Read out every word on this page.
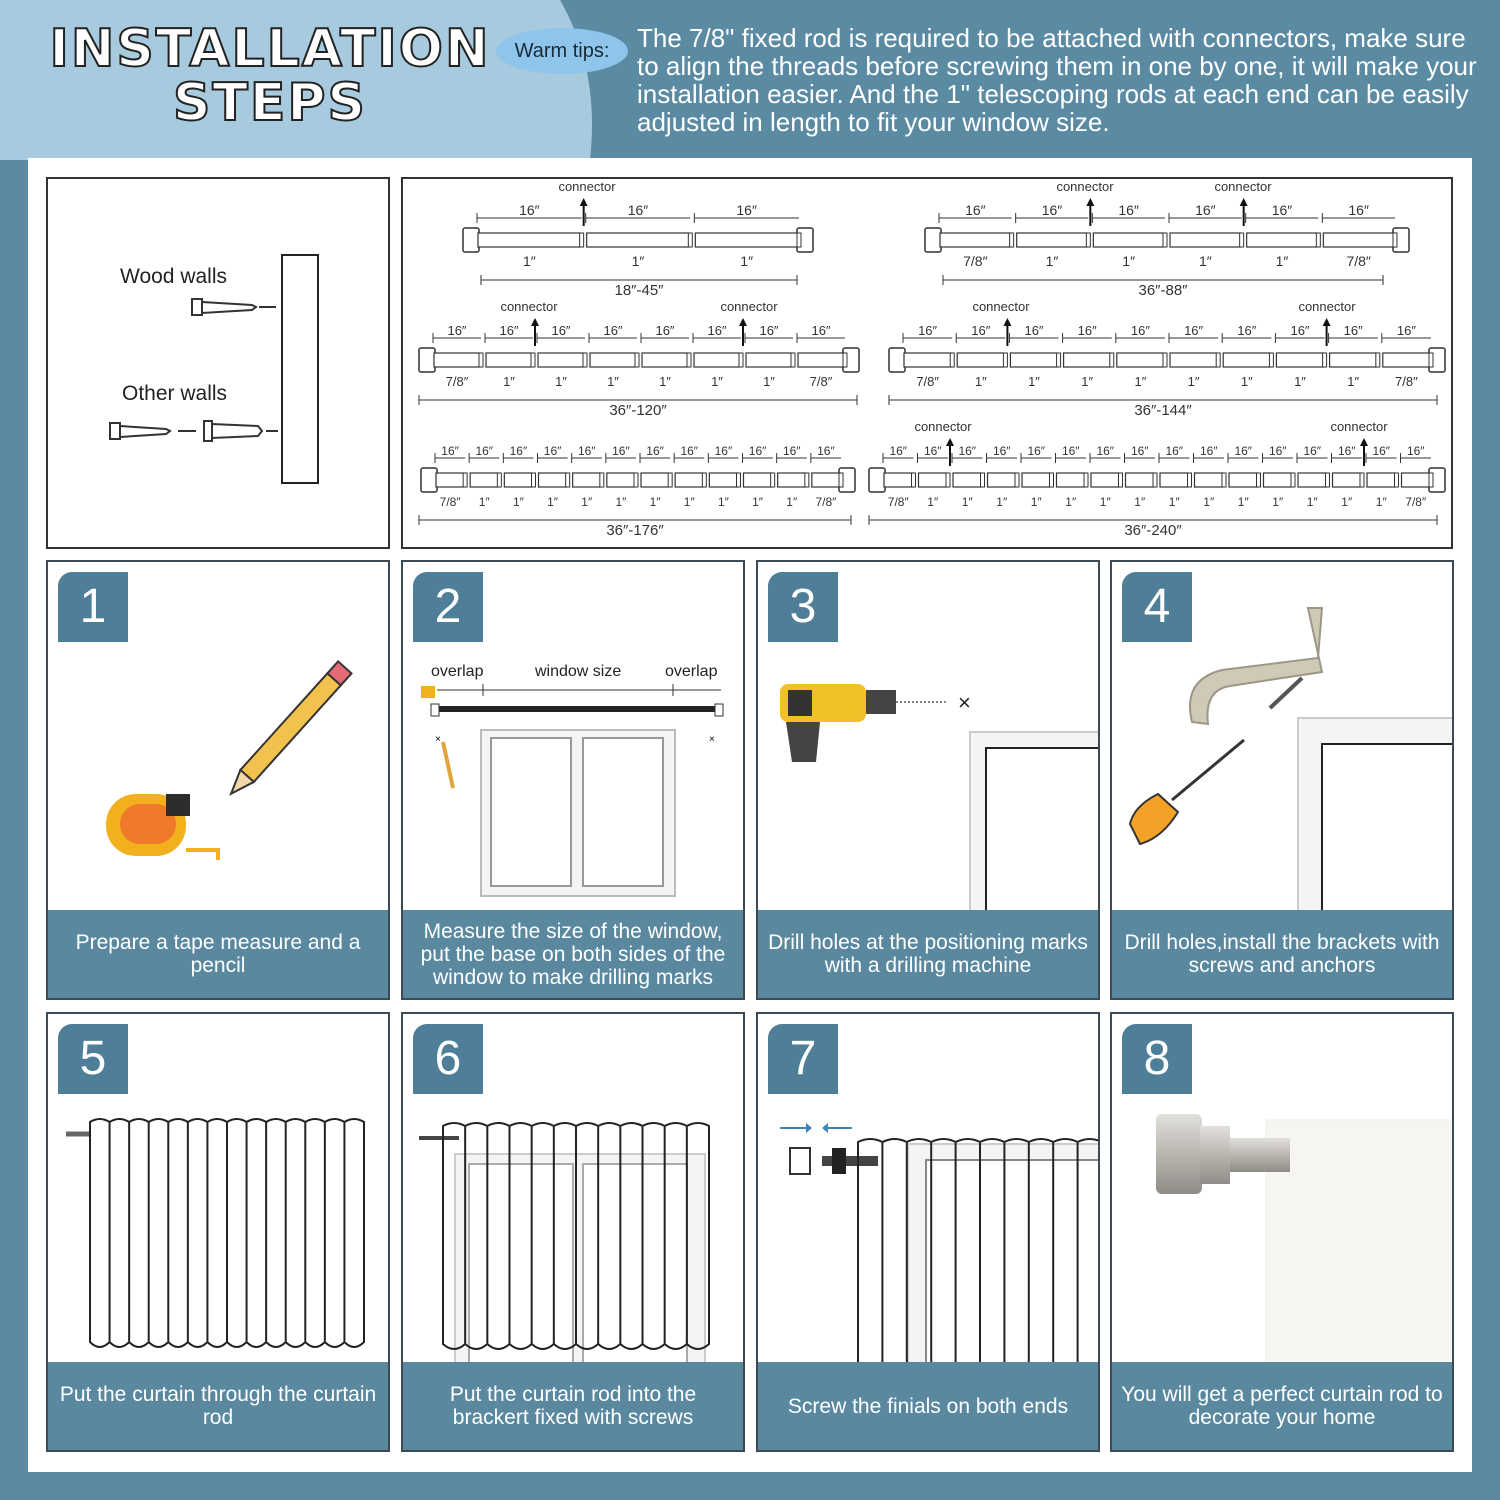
INSTALLATION
STEPS
Warm tips:	The 7/8" fixed rod is required to be attached with connectors, make sure to align the threads before screwing them in one by one, it will make your installation easier. And the 1" telescoping rods at each end can be easily adjusted in length to fit your window size.
Wood walls
Other walls
16″
1″
16″
1″
16″
1″
connector
18″-45″
16″
7/8″
16″
1″
16″
1″
16″
1″
16″
1″
16″
7/8″
connector	connector
36″-88″
16″
7/8″
16″
1″
16″
1″
16″
1″
16″
1″
16″
1″
16″
1″
16″
7/8″
connector	connector
36″-120″
16″
7/8″
16″
1″
16″
1″
16″
1″
16″
1″
16″
1″
16″
1″
16″
1″
16″
1″
16″
7/8″
connector	connector
36″-144″
16″
7/8″
16″
1″
16″
1″
16″
1″
16″
1″
16″
1″
16″
1″
16″
1″
16″
1″
16″
1″
16″
1″
16″
7/8″
36″-176″
16″
7/8″
16″
1″
16″
1″
16″
1″
16″
1″
16″
1″
16″
1″
16″
1″
16″
1″
16″
1″
16″
1″
16″
1″
16″
1″
16″
1″
16″
1″
16″
7/8″
connector	connector
36″-240″
1
Prepare a tape measure and a pencil
overlap	window size	overlap
×	×
2
Measure the size of the window, put the base on both sides of the window to make drilling marks
×
3
Drill holes at the positioning marks with a drilling machine
4
Drill holes,install the brackets with screws and anchors
5
Put the curtain through the curtain rod
6
Put the curtain rod into the brackert fixed with screws
7
Screw the finials on both ends
8
You will get a perfect curtain rod to decorate your home
